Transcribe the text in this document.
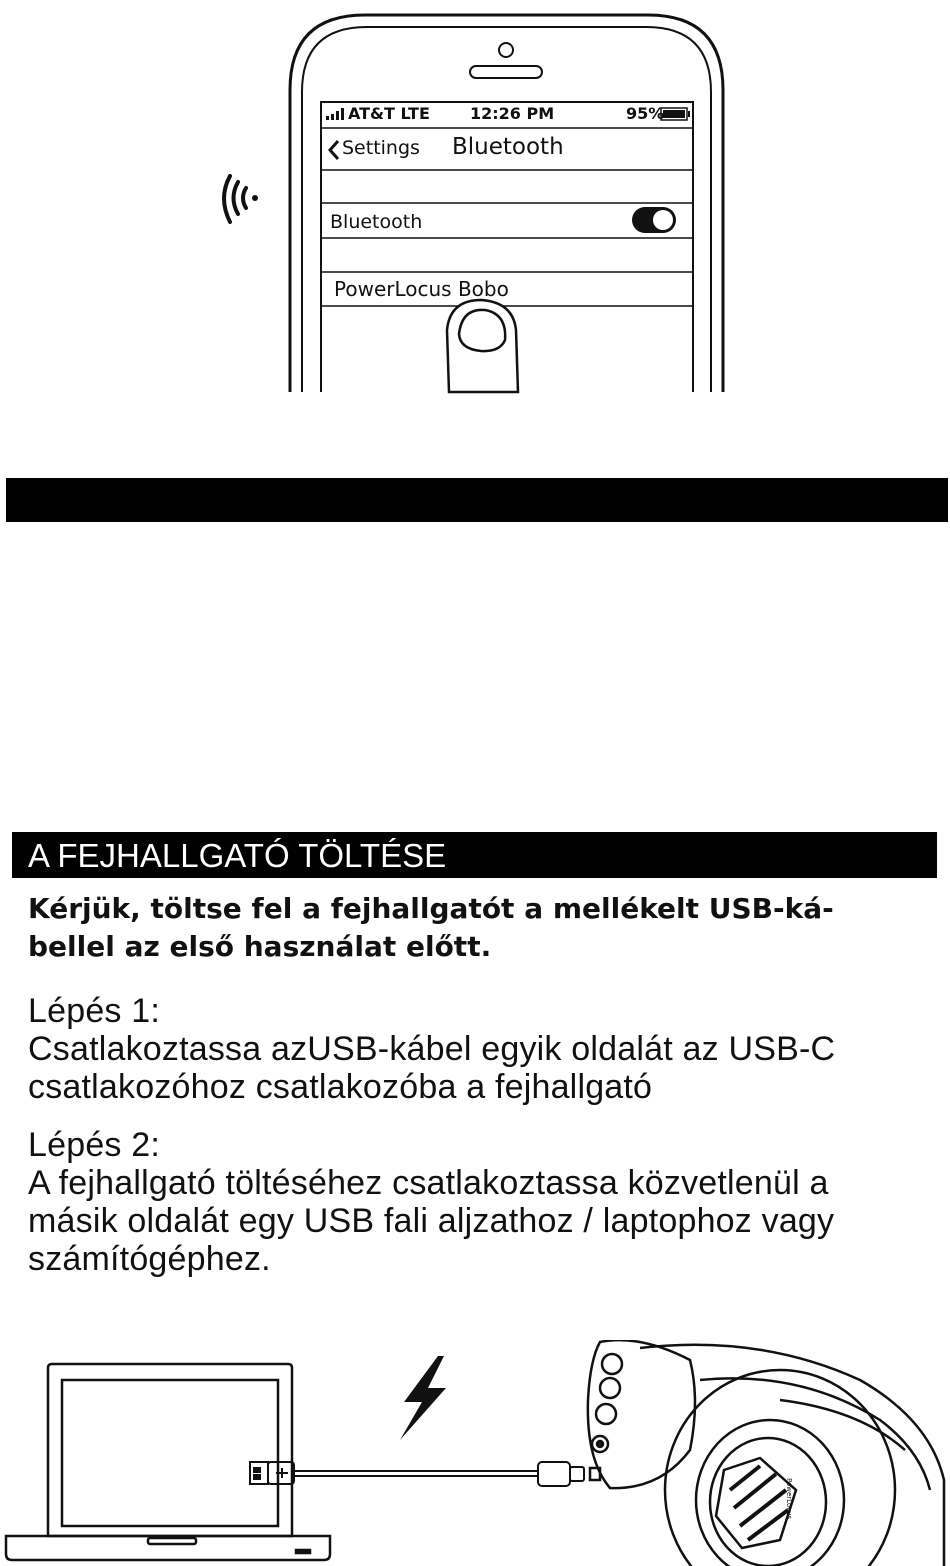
AT&T LTE	12:26 PM	95%
Settings Bluetooth
Bluetooth
PowerLocus Bobo
A FEJHALLGATÓ TÖLTÉSE
Kérjük, töltse fel a fejhallgatót a mellékelt USB-ká-
bellel az első használat előtt.
Lépés 1:
Csatlakoztassa azUSB-kábel egyik oldalát az USB-C
csatlakozóhoz csatlakozóba a fejhallgató
Lépés 2:
A fejhallgató töltéséhez csatlakoztassa közvetlenül a
másik oldalát egy USB fali aljzathoz / laptophoz vagy
számítógéphez.
PowerLocus
